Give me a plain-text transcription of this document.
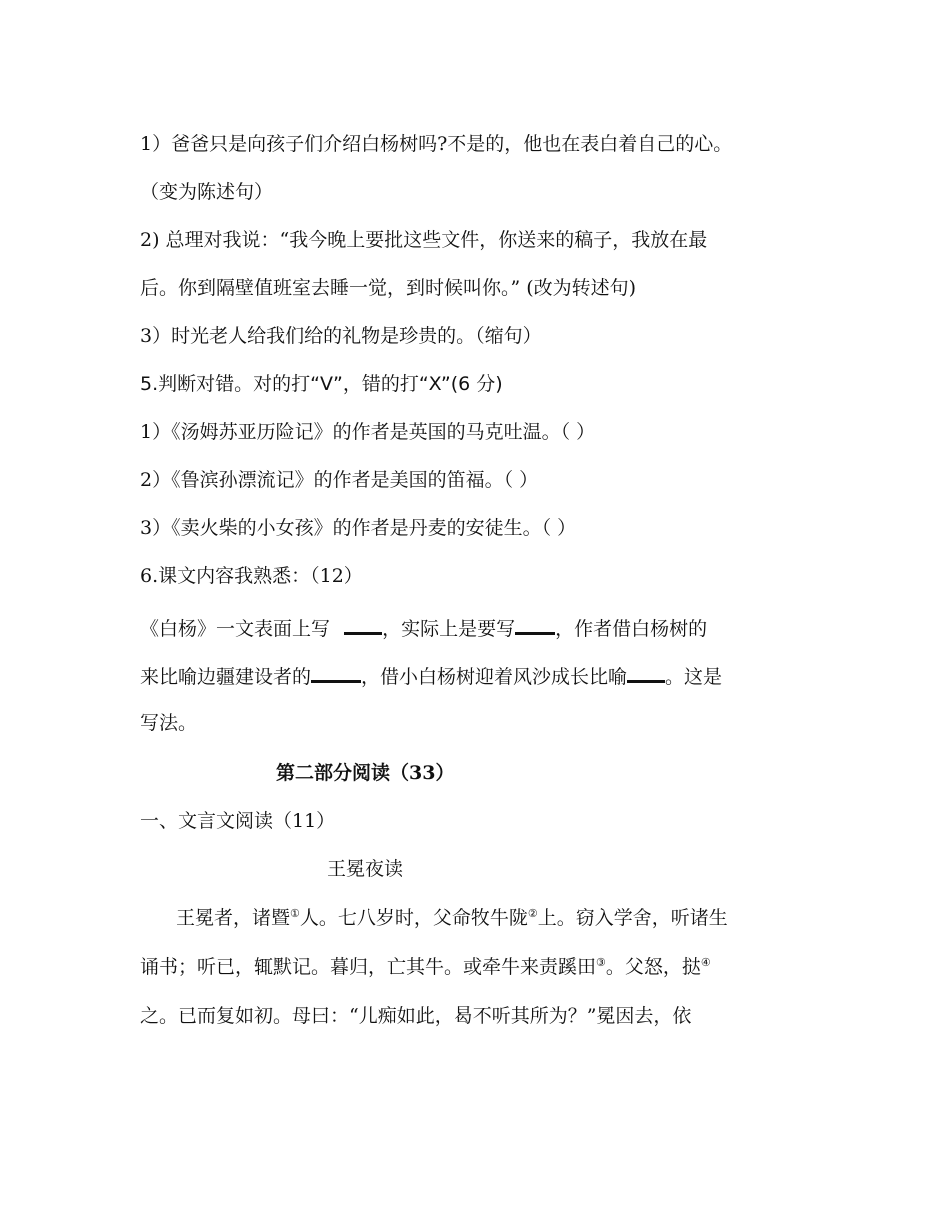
1）爸爸只是向孩子们介绍白杨树吗?不是的，他也在表白着自己的心。
（变为陈述句）
2) 总理对我说：“我今晚上要批这些文件，你送来的稿子，我放在最
后。你到隔壁值班室去睡一觉，到时候叫你。” (改为转述句)
3）时光老人给我们给的礼物是珍贵的。（缩句）
5.判断对错。对的打“V”，错的打“X”(6 分)
1）《汤姆苏亚历险记》的作者是英国的马克吐温。（ ）
2）《鲁滨孙漂流记》的作者是美国的笛福。（ ）
3）《卖火柴的小女孩》的作者是丹麦的安徒生。（ ）
6.课文内容我熟悉：（12）
《白杨》一文表面上写	，实际上是要写 ，作者借白杨树的
来比喻边疆建设者的	，借小白杨树迎着风沙成长比喻 。这是
写法。
第二部分阅读（33）
一、文言文阅读（11）
王冕夜读
王冕者，诸暨①人。七八岁时，父命牧牛陇②上。窃入学舍，听诸生
诵书；听已，辄默记。暮归，亡其牛。或牵牛来责蹊田③。父怒，挞④
之。已而复如初。母曰：“儿痴如此，曷不听其所为？”冕因去，依
